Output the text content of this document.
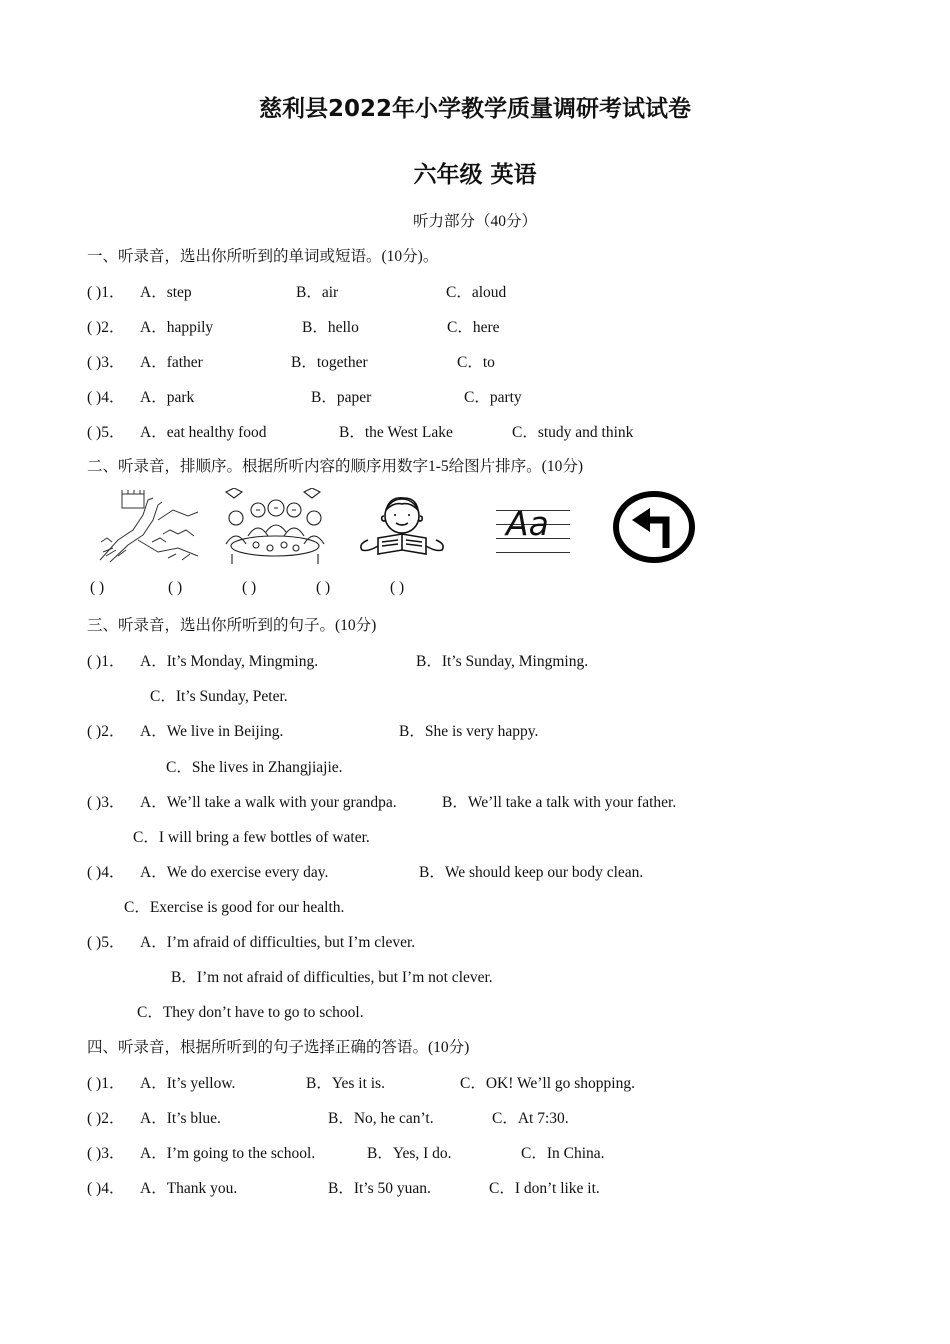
慈利县2022年小学教学质量调研考试试卷
六年级 英语
听力部分（40分）
一、听录音，选出你所听到的单词或短语。(10分)。
( )1． A．step	B．air	C．aloud
( )2． A．happily	B．hello	C．here
( )3． A．father	B．together	C．to
( )4． A．park	B．paper	C．party
( )5． A．eat healthy food	B．the West Lake	C．study and think
二、听录音，排顺序。根据所听内容的顺序用数字1-5给图片排序。(10分)
Aa
( )	( )	( )	( )	( )
三、听录音，选出你所听到的句子。(10分)
( )1． A．It’s Monday, Mingming.	B．It’s Sunday, Mingming.
C．It’s Sunday, Peter.
( )2． A．We live in Beijing.	B．She is very happy.
C．She lives in Zhangjiajie.
( )3． A．We’ll take a walk with your grandpa.	B．We’ll take a talk with your father.
C．I will bring a few bottles of water.
( )4． A．We do exercise every day.	B．We should keep our body clean.
C．Exercise is good for our health.
( )5． A．I’m afraid of difficulties, but I’m clever.
B．I’m not afraid of difficulties, but I’m not clever.
C．They don’t have to go to school.
四、听录音，根据所听到的句子选择正确的答语。(10分)
( )1． A．It’s yellow.	B．Yes it is.	C．OK! We’ll go shopping.
( )2． A．It’s blue.	B．No, he can’t.	C．At 7:30.
( )3． A．I’m going to the school.	B．Yes, I do.	C．In China.
( )4． A．Thank you.	B．It’s 50 yuan.	C．I don’t like it.
